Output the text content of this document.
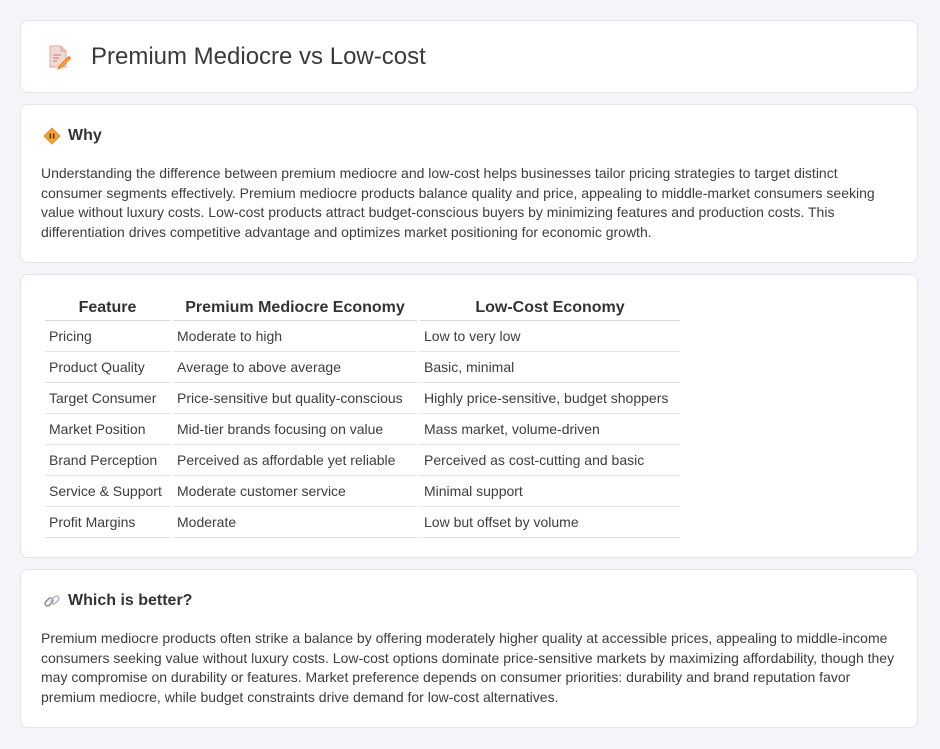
Premium Mediocre vs Low-cost
Why
Understanding the difference between premium mediocre and low-cost helps businesses tailor pricing strategies to target distinct consumer segments effectively. Premium mediocre products balance quality and price, appealing to middle-market consumers seeking value without luxury costs. Low-cost products attract budget-conscious buyers by minimizing features and production costs. This differentiation drives competitive advantage and optimizes market positioning for economic growth.
Feature	Premium Mediocre Economy	Low-Cost Economy
Pricing	Moderate to high	Low to very low
Product Quality	Average to above average	Basic, minimal
Target Consumer	Price-sensitive but quality-conscious	Highly price-sensitive, budget shoppers
Market Position	Mid-tier brands focusing on value	Mass market, volume-driven
Brand Perception	Perceived as affordable yet reliable	Perceived as cost-cutting and basic
Service & Support	Moderate customer service	Minimal support
Profit Margins	Moderate	Low but offset by volume
Which is better?
Premium mediocre products often strike a balance by offering moderately higher quality at accessible prices, appealing to middle-income consumers seeking value without luxury costs. Low-cost options dominate price-sensitive markets by maximizing affordability, though they may compromise on durability or features. Market preference depends on consumer priorities: durability and brand reputation favor premium mediocre, while budget constraints drive demand for low-cost alternatives.
